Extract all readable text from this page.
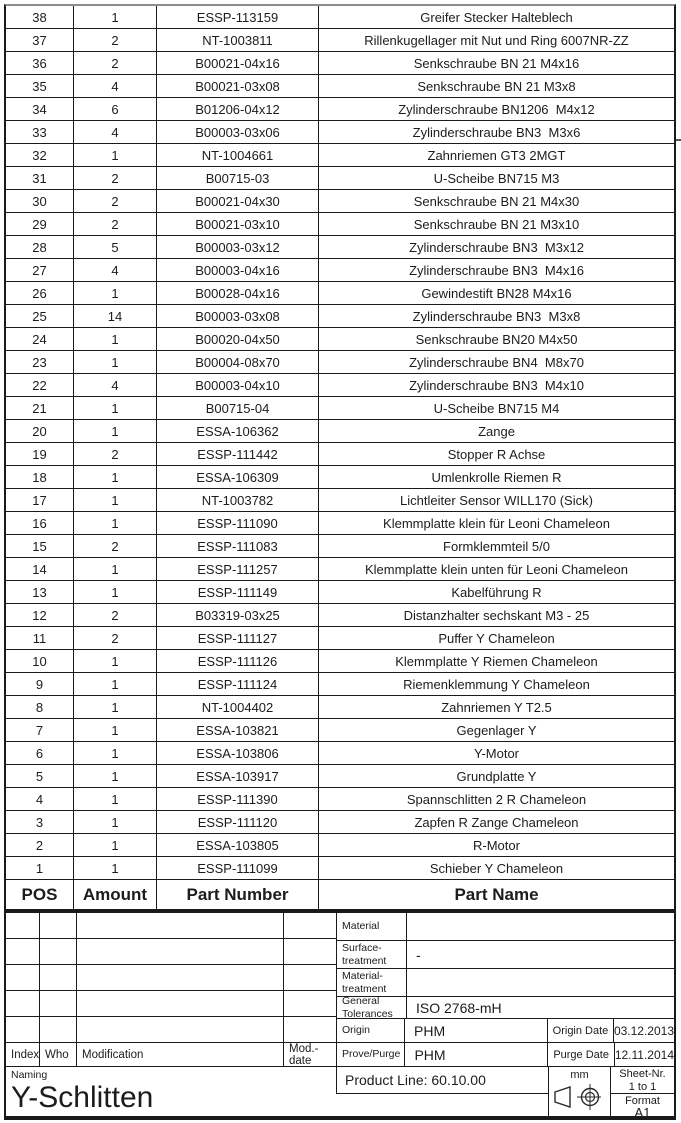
38	1	ESSP-113159	Greifer Stecker Halteblech
37	2	NT-1003811	Rillenkugellager mit Nut und Ring 6007NR-ZZ
36	2	B00021-04x16	Senkschraube BN 21 M4x16
35	4	B00021-03x08	Senkschraube BN 21 M3x8
34	6	B01206-04x12	Zylinderschraube BN1206  M4x12
33	4	B00003-03x06	Zylinderschraube BN3  M3x6
32	1	NT-1004661	Zahnriemen GT3 2MGT
31	2	B00715-03	U-Scheibe BN715 M3
30	2	B00021-04x30	Senkschraube BN 21 M4x30
29	2	B00021-03x10	Senkschraube BN 21 M3x10
28	5	B00003-03x12	Zylinderschraube BN3  M3x12
27	4	B00003-04x16	Zylinderschraube BN3  M4x16
26	1	B00028-04x16	Gewindestift BN28 M4x16
25	14	B00003-03x08	Zylinderschraube BN3  M3x8
24	1	B00020-04x50	Senkschraube BN20 M4x50
23	1	B00004-08x70	Zylinderschraube BN4  M8x70
22	4	B00003-04x10	Zylinderschraube BN3  M4x10
21	1	B00715-04	U-Scheibe BN715 M4
20	1	ESSA-106362	Zange
19	2	ESSP-111442	Stopper R Achse
18	1	ESSA-106309	Umlenkrolle Riemen R
17	1	NT-1003782	Lichtleiter Sensor WILL170 (Sick)
16	1	ESSP-111090	Klemmplatte klein für Leoni Chameleon
15	2	ESSP-111083	Formklemmteil 5/0
14	1	ESSP-111257	Klemmplatte klein unten für Leoni Chameleon
13	1	ESSP-111149	Kabelführung R
12	2	B03319-03x25	Distanzhalter sechskant M3 - 25
11	2	ESSP-111127	Puffer Y Chameleon
10	1	ESSP-111126	Klemmplatte Y Riemen Chameleon
9	1	ESSP-111124	Riemenklemmung Y Chameleon
8	1	NT-1004402	Zahnriemen Y T2.5
7	1	ESSA-103821	Gegenlager Y
6	1	ESSA-103806	Y-Motor
5	1	ESSA-103917	Grundplatte Y
4	1	ESSP-111390	Spannschlitten 2 R Chameleon
3	1	ESSP-111120	Zapfen R Zange Chameleon
2	1	ESSA-103805	R-Motor
1	1	ESSP-111099	Schieber Y Chameleon
POS	Amount	Part Number	Part Name
Index Who	Modification	Mod.-date
Naming
Y-Schlitten
Material
Surface-treatment	-
Material-treatment
General Tolerances	ISO 2768-mH
Origin	PHM	Origin Date 03.12.2013
Prove/Purge	PHM	Purge Date 12.11.2014
Product Line: 60.10.00	mm	Sheet-Nr.
1 to 1
Format
A1
